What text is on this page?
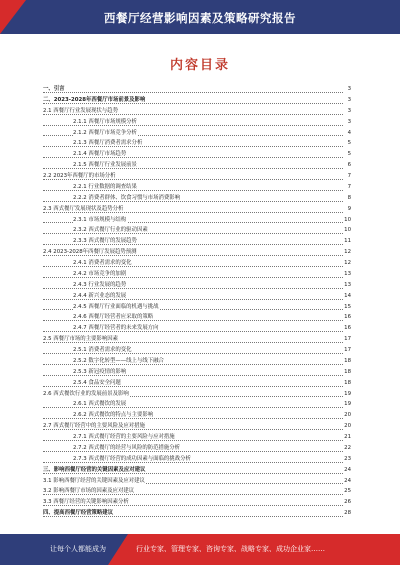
西餐厅经营影响因素及策略研究报告
内容目录
一、引言	3
二、2023-2028年西餐厅市场前景及影响	3
2.1 西餐厅行业发展现状与趋势	3
2.1.1 西餐厅市场规模分析	3
2.1.2 西餐厅市场竞争分析	4
2.1.3 西餐厅消费者需求分析	5
2.1.4 西餐厅市场趋势	5
2.1.5 西餐厅行业发展前景	6
2.2 2023年西餐厅的市场分析	7
2.2.1 行业数据的调查结果	7
2.2.2 消费者群体、饮食习惯与市场消费影响	8
2.3 西式餐厅发展现状及趋势分析	9
2.3.1 市场规模与结构	10
2.3.2 西式餐厅行业的驱动因素	10
2.3.3 西式餐厅的发展趋势	11
2.4 2023-2028年西餐厅发展趋势预测	12
2.4.1 消费者需求的变化	12
2.4.2 市场竞争的加剧	13
2.4.3 行业发展的趋势	13
2.4.4 新兴业态的发展	14
2.4.5 西餐厅行业面临的机遇与挑战	15
2.4.6 西餐厅经营者应采取的策略	16
2.4.7 西餐厅经营者的未来发展方向	16
2.5 西餐厅市场的主要影响因素	17
2.5.1 消费者需求的变化	17
2.5.2 数字化转型——线上与线下融合	18
2.5.3 新冠疫情的影响	18
2.5.4 食品安全问题	18
2.6 西式餐饮行业的发展前景及影响	19
2.6.1 西式餐饮的发展	19
2.6.2 西式餐饮的特点与主要影响	20
2.7 西式餐厅经营中的主要风险及应对措施	20
2.7.1 西式餐厅经营的主要风险与应对措施	21
2.7.2 西式餐厅的经营与风险的防范措施分析	22
2.7.3 西式餐厅经营的成功因素与面临的挑战分析	23
三、影响西餐厅经营的关键因素及应对建议	24
3.1 影响西餐厅经营的关键因素及应对建议	24
3.2 影响西餐厅市场的因素及应对建议	25
3.3 西餐厅经营的关键影响因素分析	26
四、提高西餐厅经营策略建议	28
让每个人都能成为	行业专家、管理专家、咨询专家、战略专家、成功企业家……
